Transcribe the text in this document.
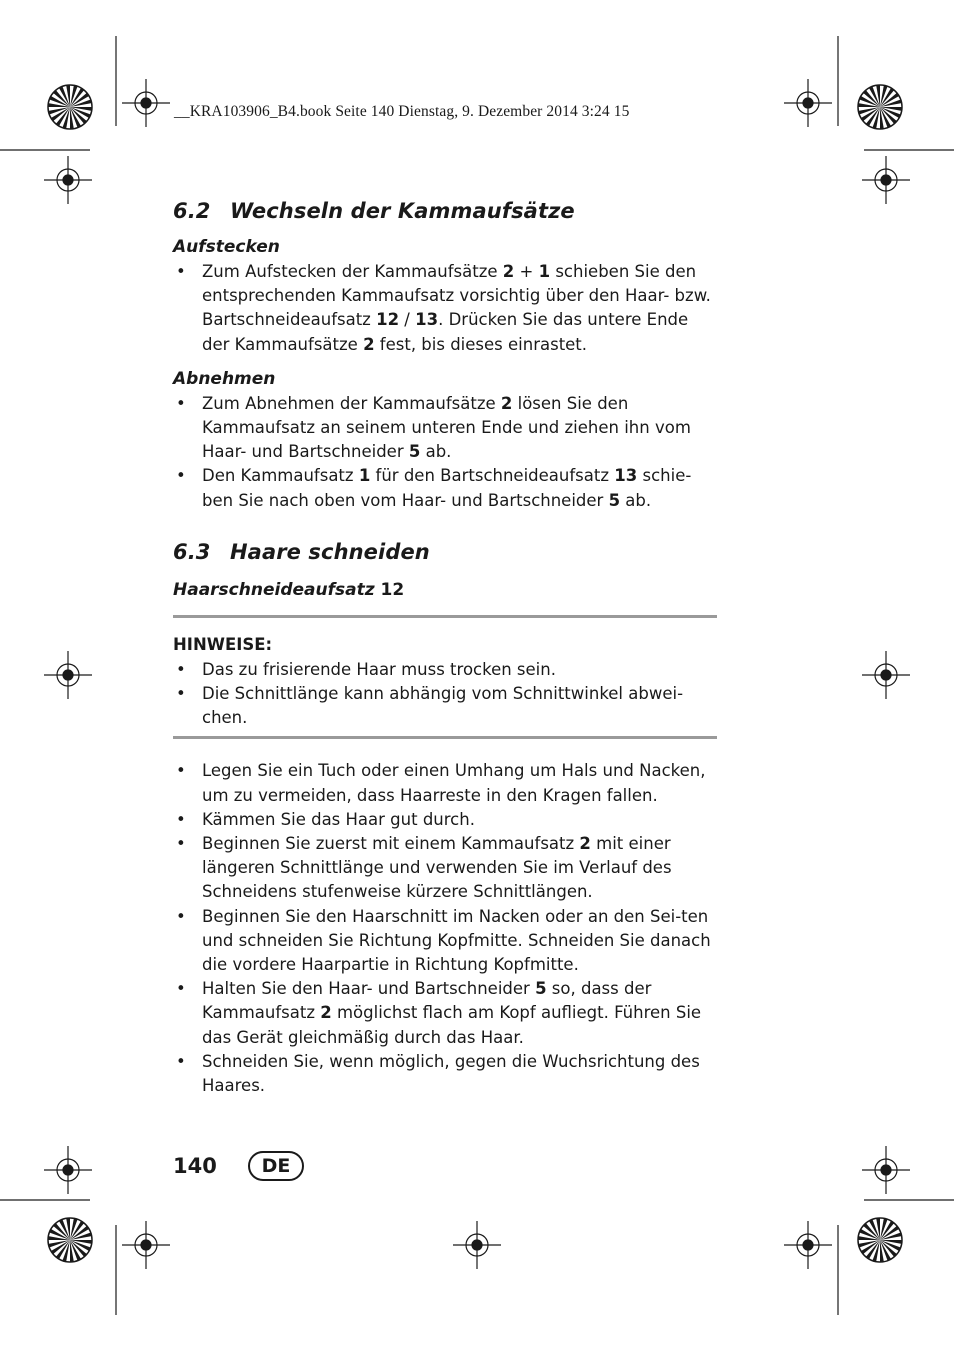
__KRA103906_B4.book Seite 140 Dienstag, 9. Dezember 2014 3:24 15
6.2 Wechseln der Kammaufsätze
Aufstecken
• Zum Aufstecken der Kammaufsätze 2 + 1 schieben Sie den entsprechenden Kammaufsatz vorsichtig über den Haar- bzw. Bartschneideaufsatz 12 / 13. Drücken Sie das untere Ende der Kammaufsätze 2 fest, bis dieses einrastet.
Abnehmen
• Zum Abnehmen der Kammaufsätze 2 lösen Sie den Kammaufsatz an seinem unteren Ende und ziehen ihn vom Haar- und Bartschneider 5 ab.
• Den Kammaufsatz 1 für den Bartschneideaufsatz 13 schie-ben Sie nach oben vom Haar- und Bartschneider 5 ab.
6.3 Haare schneiden
Haarschneideaufsatz 12
HINWEISE:
• Das zu frisierende Haar muss trocken sein.
• Die Schnittlänge kann abhängig vom Schnittwinkel abwei-chen.
• Legen Sie ein Tuch oder einen Umhang um Hals und Nacken, um zu vermeiden, dass Haarreste in den Kragen fallen.
• Kämmen Sie das Haar gut durch.
• Beginnen Sie zuerst mit einem Kammaufsatz 2 mit einer längeren Schnittlänge und verwenden Sie im Verlauf des Schneidens stufenweise kürzere Schnittlängen.
• Beginnen Sie den Haarschnitt im Nacken oder an den Sei-ten und schneiden Sie Richtung Kopfmitte. Schneiden Sie danach die vordere Haarpartie in Richtung Kopfmitte.
• Halten Sie den Haar- und Bartschneider 5 so, dass der Kammaufsatz 2 möglichst flach am Kopf aufliegt. Führen Sie das Gerät gleichmäßig durch das Haar.
• Schneiden Sie, wenn möglich, gegen die Wuchsrichtung des Haares.
140	DE
